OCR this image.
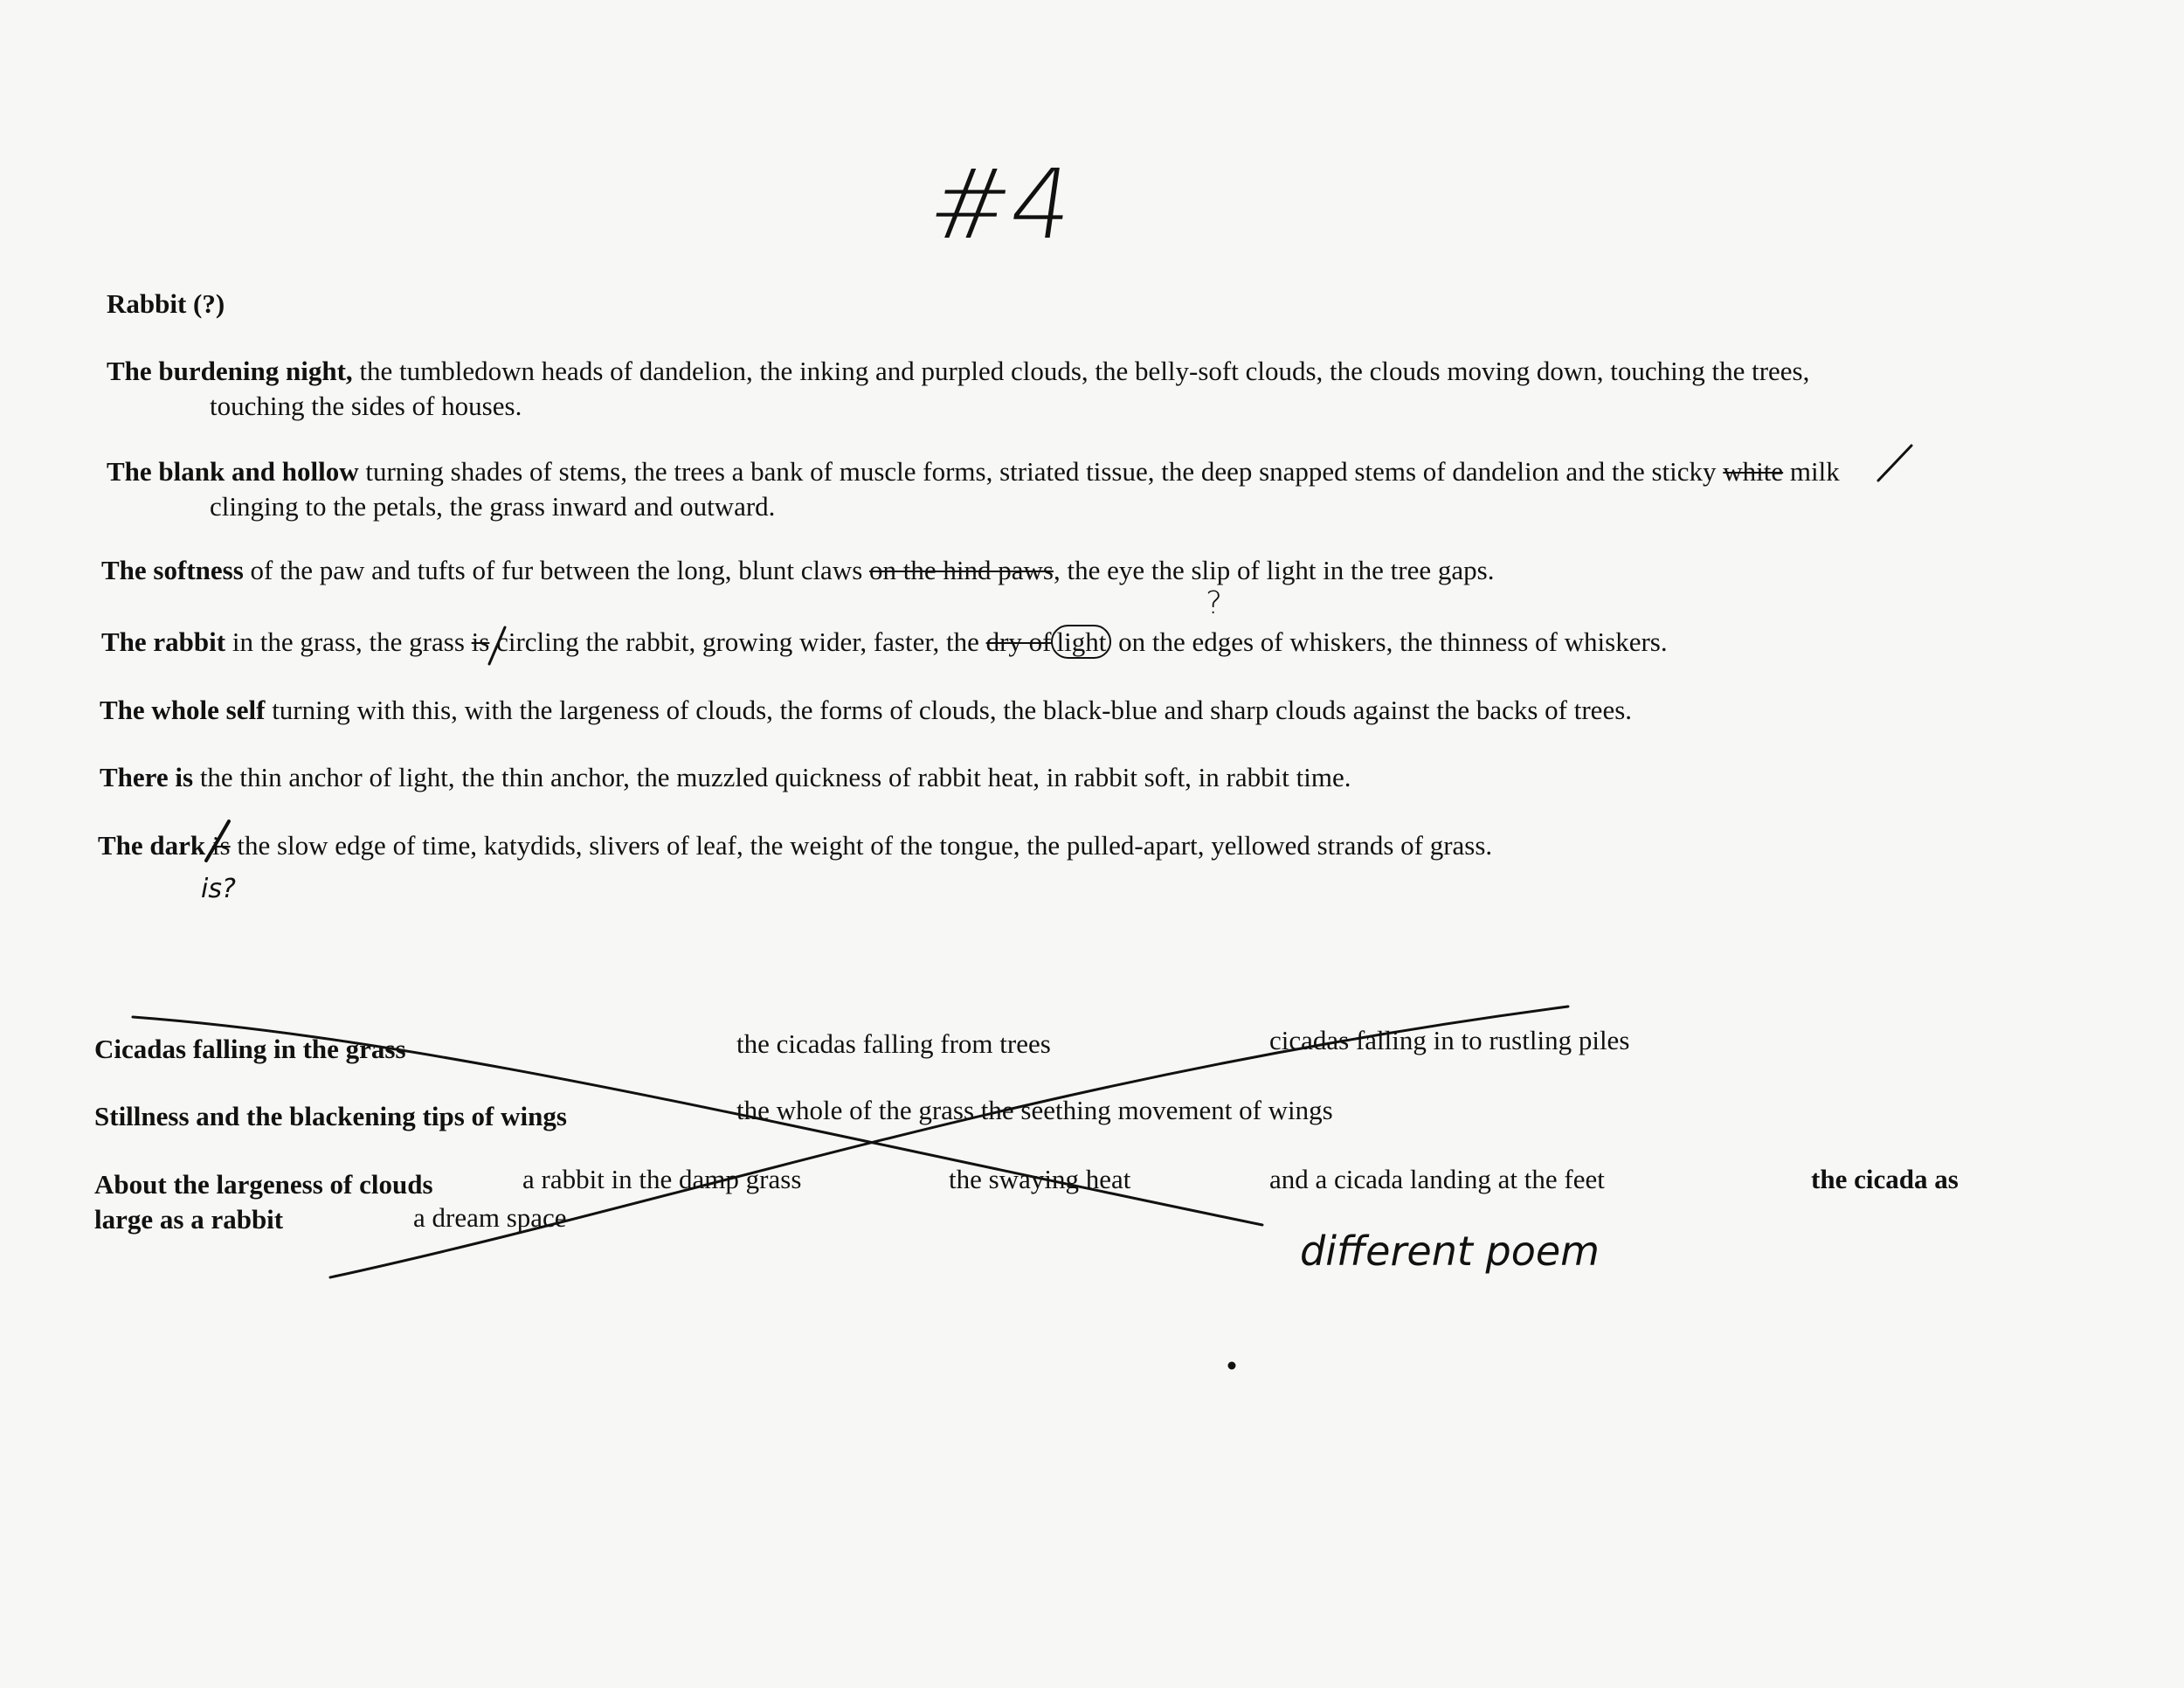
#4
Rabbit (?)
The burdening night, the tumbledown heads of dandelion, the inking and purpled clouds, the belly-soft clouds, the clouds moving down, touching the trees,
touching the sides of houses.
The blank and hollow turning shades of stems, the trees a bank of muscle forms, striated tissue, the deep snapped stems of dandelion and the sticky white milk
clinging to the petals, the grass inward and outward.
The softness of the paw and tufts of fur between the long, blunt claws on the hind paws, the eye the slip of light in the tree gaps.
The rabbit in the grass, the grass is circling the rabbit, growing wider, faster, the dry of light on the edges of whiskers, the thinness of whiskers.
?
The whole self turning with this, with the largeness of clouds, the forms of clouds, the black-blue and sharp clouds against the backs of trees.
There is the thin anchor of light, the thin anchor, the muzzled quickness of rabbit heat, in rabbit soft, in rabbit time.
The dark is the slow edge of time, katydids, slivers of leaf, the weight of the tongue, the pulled-apart, yellowed strands of grass.
is?
Cicadas falling in the grass	the cicadas falling from trees	cicadas falling in to rustling piles
Stillness and the blackening tips of wings	the whole of the grass the seething movement of wings
About the largeness of clouds	a rabbit in the damp grass	the swaying heat	and a cicada landing at the feet	the cicada as
large as a rabbit	a dream space
different poem
